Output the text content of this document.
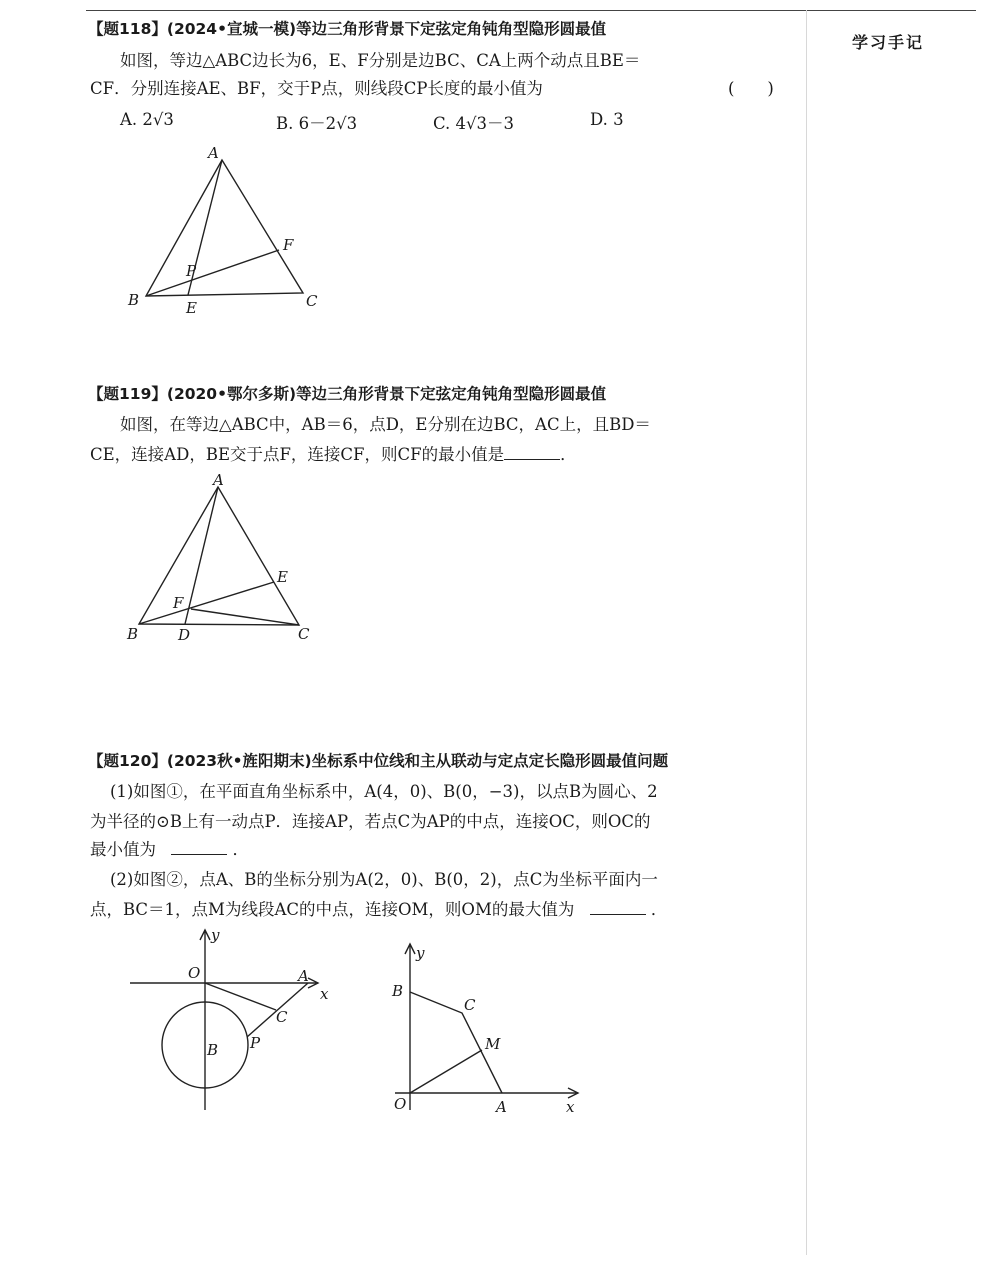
学习手记
【题118】(2024•宣城一模)等边三角形背景下定弦定角钝角型隐形圆最值
如图，等边△ABC边长为6，E、F分别是边BC、CA上两个动点且BE＝
CF．分别连接AE、BF，交于P点，则线段CP长度的最小值为	(　　)
A. 2√3	B. 6－2√3	C. 4√3－3	D. 3
A
B	C
E
F
P
【题119】(2020•鄂尔多斯)等边三角形背景下定弦定角钝角型隐形圆最值
如图，在等边△ABC中，AB＝6，点D，E分别在边BC，AC上，且BD＝
CE，连接AD，BE交于点F，连接CF，则CF的最小值是	．
A
B	C
D
E
F
【题120】(2023秋•旌阳期末)坐标系中位线和主从联动与定点定长隐形圆最值问题
(1)如图①，在平面直角坐标系中，A(4，0)、B(0，−3)，以点B为圆心、2
为半径的⊙B上有一动点P．连接AP，若点C为AP的中点，连接OC，则OC的
最小值为	．
(2)如图②，点A、B的坐标分别为A(2，0)、B(0，2)，点C为坐标平面内一
点，BC＝1，点M为线段AC的中点，连接OM，则OM的最大值为	．
y
x
O	A
B
C
P
y
x
O	A
B
C
M
